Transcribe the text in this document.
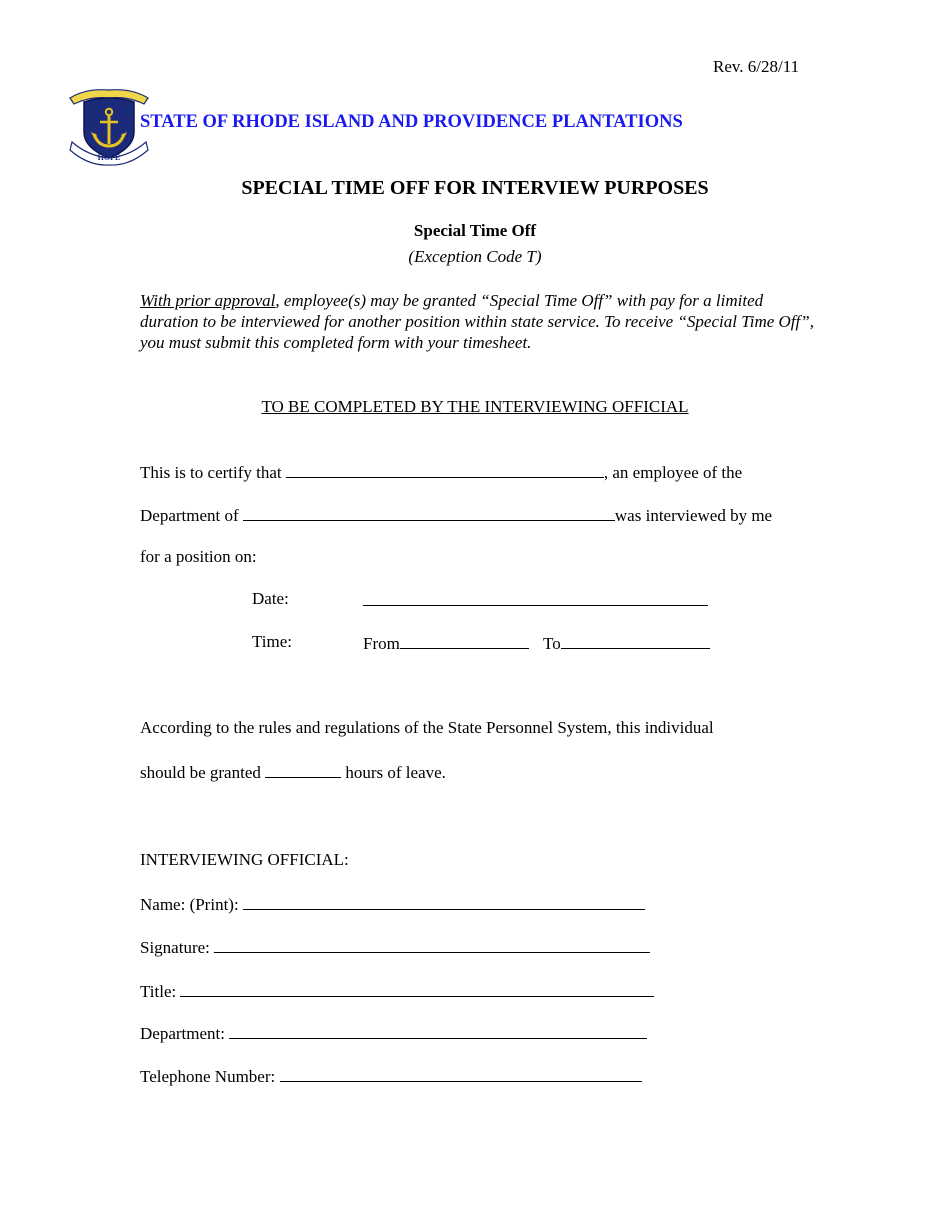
Rev. 6/28/11
HOPE
STATE OF RHODE ISLAND AND PROVIDENCE PLANTATIONS
SPECIAL TIME OFF FOR INTERVIEW PURPOSES
Special Time Off
(Exception Code T)
With prior approval, employee(s) may be granted “Special Time Off” with pay for a limited duration to be interviewed for another position within state service. To receive “Special Time Off”, you must submit this completed form with your timesheet.
TO BE COMPLETED BY THE INTERVIEWING OFFICIAL
This is to certify that	, an employee of the
Department of	was interviewed by me
for a position on:
Date:
Time:	From	To
According to the rules and regulations of the State Personnel System, this individual
should be granted	hours of leave.
INTERVIEWING OFFICIAL:
Name: (Print):
Signature:
Title:
Department:
Telephone Number:
